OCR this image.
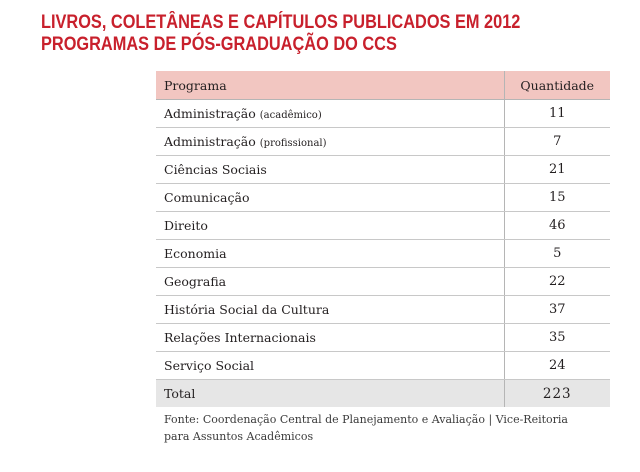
LIVROS, COLETÂNEAS E CAPÍTULOS PUBLICADOS EM 2012
PROGRAMAS DE PÓS-GRADUAÇÃO DO CCS
Programa	Quantidade
Administração (acadêmico)	11
Administração (profissional)	7
Ciências Sociais	21
Comunicação	15
Direito	46
Economia	5
Geografia	22
História Social da Cultura	37
Relações Internacionais	35
Serviço Social	24
Total	223

Fonte: Coordenação Central de Planejamento e Avaliação | Vice-Reitoria
para Assuntos Acadêmicos
